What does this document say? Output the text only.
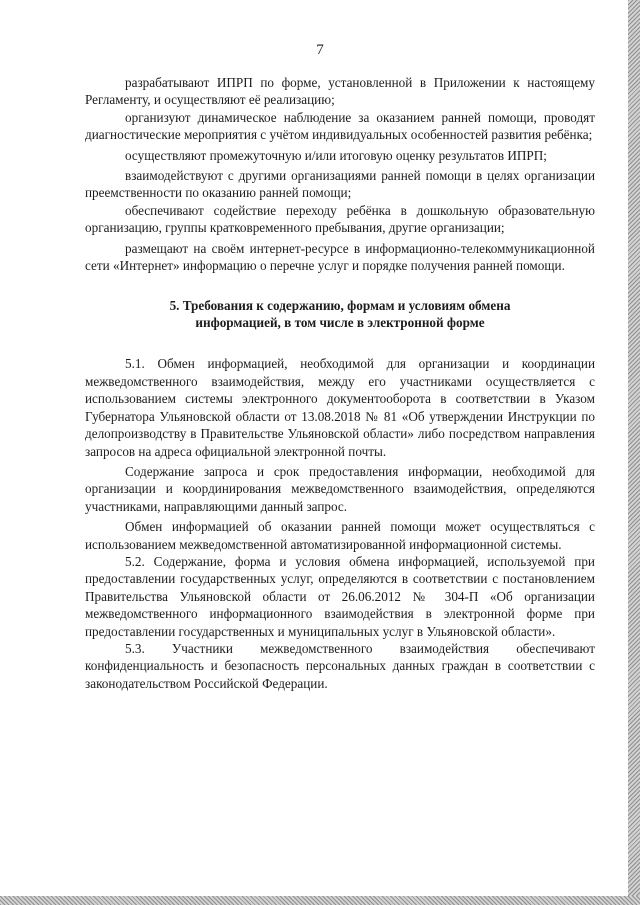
7

разрабатывают ИПРП по форме, установленной в Приложении к настоящему Регламенту, и осуществляют её реализацию;

организуют динамическое наблюдение за оказанием ранней помощи, проводят диагностические мероприятия с учётом индивидуальных особенностей развития ребёнка;

осуществляют промежуточную и/или итоговую оценку результатов ИПРП;

взаимодействуют с другими организациями ранней помощи в целях организации преемственности по оказанию ранней помощи;

обеспечивают содействие переходу ребёнка в дошкольную образовательную организацию, группы кратковременного пребывания, другие организации;

размещают на своём интернет-ресурсе в информационно-телекоммуникационной сети «Интернет» информацию о перечне услуг и порядке получения ранней помощи.

5. Требования к содержанию, формам и условиям обмена
информацией, в том числе в электронной форме

5.1. Обмен информацией, необходимой для организации и координации межведомственного взаимодействия, между его участниками осуществляется с использованием системы электронного документооборота в соответствии в Указом Губернатора Ульяновской области от 13.08.2018 № 81 «Об утверждении Инструкции по делопроизводству в Правительстве Ульяновской области» либо посредством направления запросов на адреса официальной электронной почты.

Содержание запроса и срок предоставления информации, необходимой для организации и координирования межведомственного взаимодействия, определяются участниками, направляющими данный запрос.

Обмен информацией об оказании ранней помощи может осуществляться с использованием межведомственной автоматизированной информационной системы.

5.2. Содержание, форма и условия обмена информацией, используемой при предоставлении государственных услуг, определяются в соответствии с постановлением Правительства Ульяновской области от 26.06.2012 № 304-П «Об организации межведомственного информационного взаимодействия в электронной форме при предоставлении государственных и муниципальных услуг в Ульяновской области».

5.3. Участники межведомственного взаимодействия обеспечивают конфиденциальность и безопасность персональных данных граждан в соответствии с законодательством Российской Федерации.
